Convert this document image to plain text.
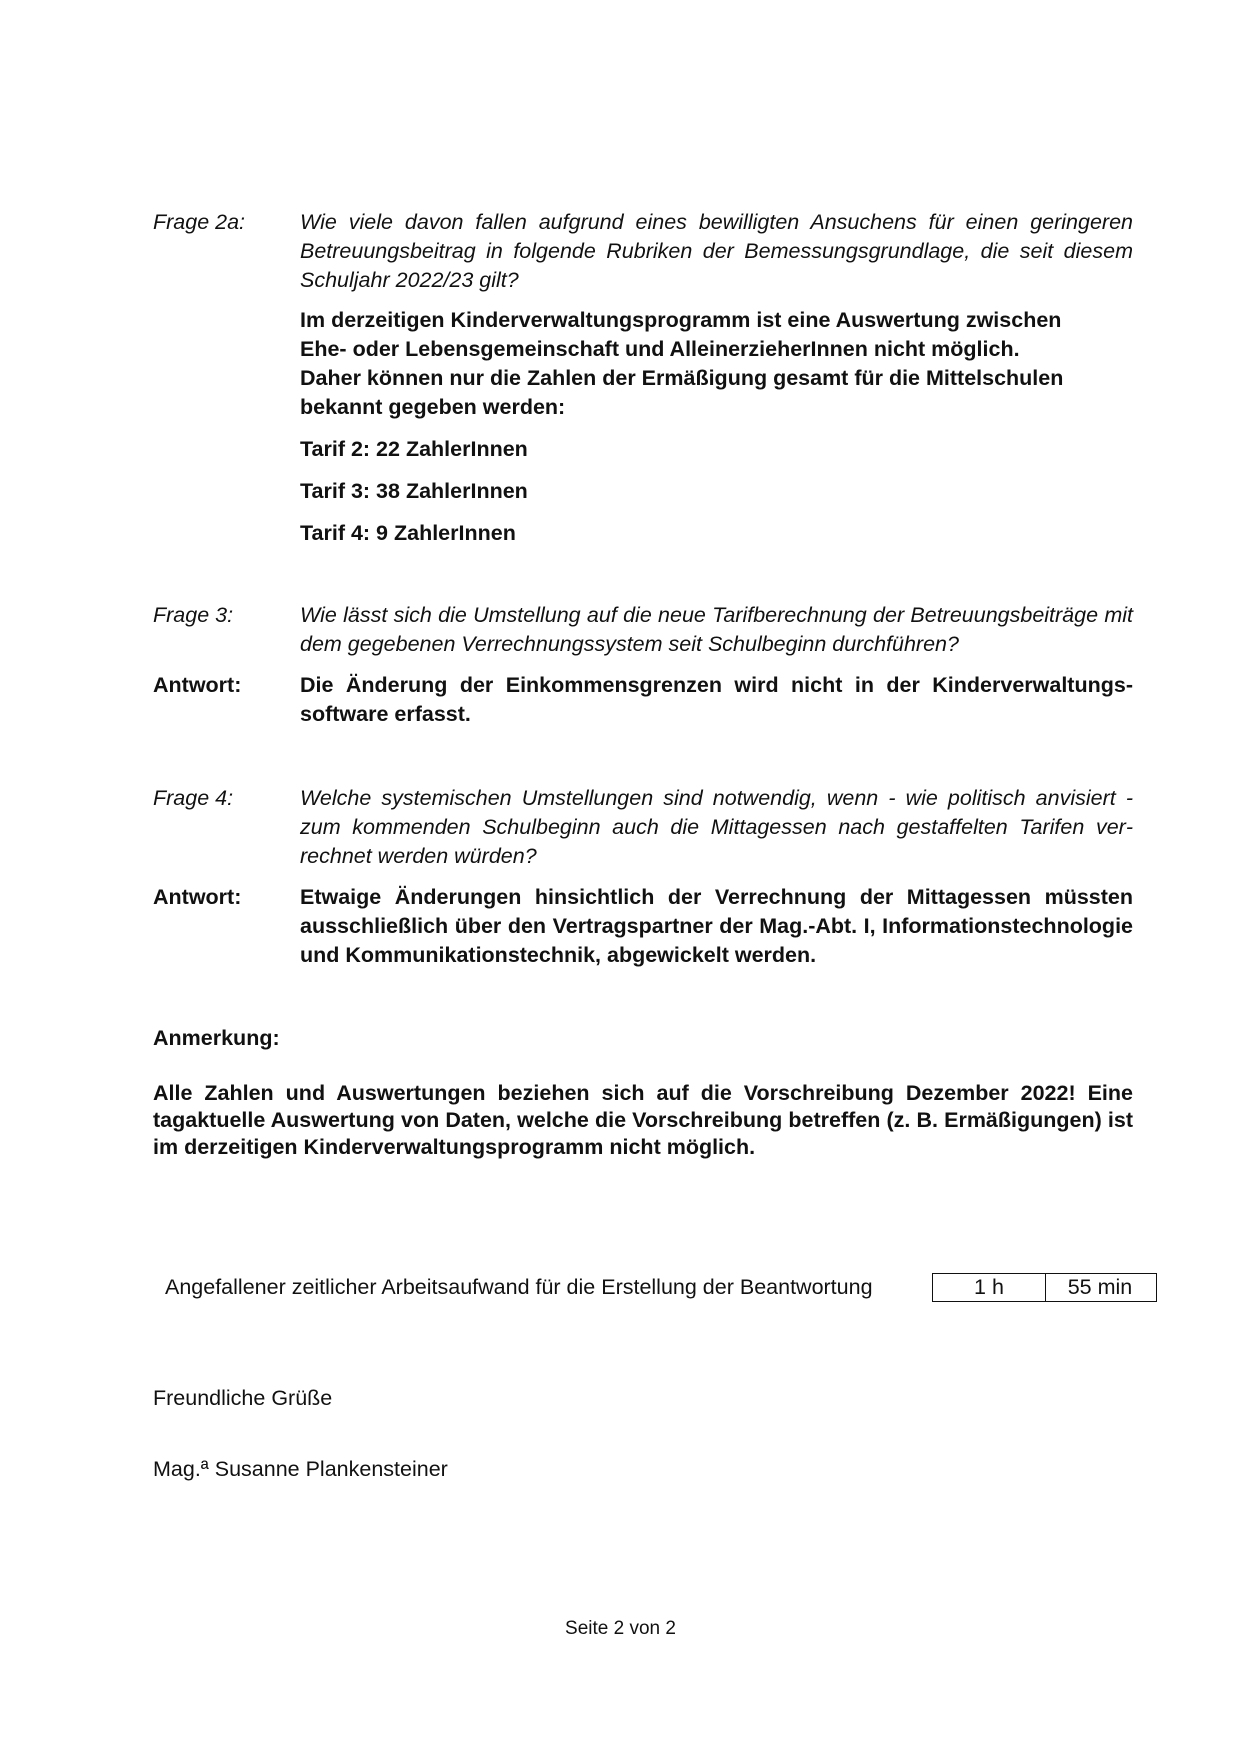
Frage 2a:	Wie viele davon fallen aufgrund eines bewilligten Ansuchens für einen geringeren Betreuungsbeitrag in folgende Rubriken der Bemessungsgrundlage, die seit diesem Schuljahr 2022/23 gilt?
Im derzeitigen Kinderverwaltungsprogramm ist eine Auswertung zwischen
Ehe- oder Lebensgemeinschaft und AlleinerzieherInnen nicht möglich.
Daher können nur die Zahlen der Ermäßigung gesamt für die Mittelschulen
bekannt gegeben werden:
Tarif 2: 22 ZahlerInnen
Tarif 3: 38 ZahlerInnen
Tarif 4: 9 ZahlerInnen
Frage 3:	Wie lässt sich die Umstellung auf die neue Tarifberechnung der Betreuungsbeiträge mit dem gegebenen Verrechnungssystem seit Schulbeginn durchführen?
Antwort:	Die Änderung der Einkommensgrenzen wird nicht in der Kinderverwaltungssoftware erfasst.
Frage 4:	Welche systemischen Umstellungen sind notwendig, wenn - wie politisch anvisiert - zum kommenden Schulbeginn auch die Mittagessen nach gestaffelten Tarifen verrechnet werden würden?
Antwort:	Etwaige Änderungen hinsichtlich der Verrechnung der Mittagessen müssten ausschließlich über den Vertragspartner der Mag.-Abt. I, Informationstechnologie und Kommunikationstechnik, abgewickelt werden.
Anmerkung:
Alle Zahlen und Auswertungen beziehen sich auf die Vorschreibung Dezember 2022! Eine tagaktuelle Auswertung von Daten, welche die Vorschreibung betreffen (z. B. Ermäßigungen) ist im derzeitigen Kinderverwaltungsprogramm nicht möglich.
Angefallener zeitlicher Arbeitsaufwand für die Erstellung der Beantwortung	1 h	55 min
Freundliche Grüße
Mag.ª Susanne Plankensteiner
Seite 2 von 2
